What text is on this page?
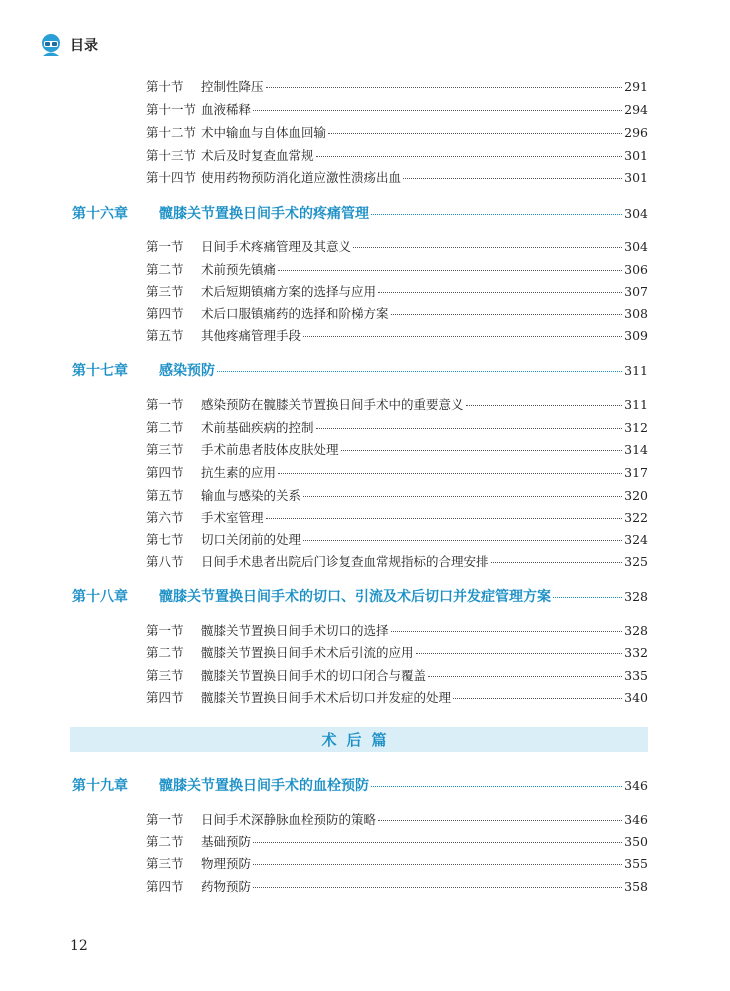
目录
第十节	控制性降压	291
第十一节 血液稀释	294
第十二节 术中输血与自体血回输	296
第十三节 术后及时复查血常规	301
第十四节 使用药物预防消化道应激性溃疡出血	301
第十六章	髋膝关节置换日间手术的疼痛管理	304
第一节	日间手术疼痛管理及其意义	304
第二节	术前预先镇痛	306
第三节	术后短期镇痛方案的选择与应用	307
第四节	术后口服镇痛药的选择和阶梯方案	308
第五节	其他疼痛管理手段	309
第十七章	感染预防	311
第一节	感染预防在髋膝关节置换日间手术中的重要意义	311
第二节	术前基础疾病的控制	312
第三节	手术前患者肢体皮肤处理	314
第四节	抗生素的应用	317
第五节	输血与感染的关系	320
第六节	手术室管理	322
第七节	切口关闭前的处理	324
第八节	日间手术患者出院后门诊复查血常规指标的合理安排	325
第十八章	髋膝关节置换日间手术的切口、引流及术后切口并发症管理方案	328
第一节	髋膝关节置换日间手术切口的选择	328
第二节	髋膝关节置换日间手术术后引流的应用	332
第三节	髋膝关节置换日间手术的切口闭合与覆盖	335
第四节	髋膝关节置换日间手术术后切口并发症的处理	340
术后篇
第十九章	髋膝关节置换日间手术的血栓预防	346
第一节	日间手术深静脉血栓预防的策略	346
第二节	基础预防	350
第三节	物理预防	355
第四节	药物预防	358
12
